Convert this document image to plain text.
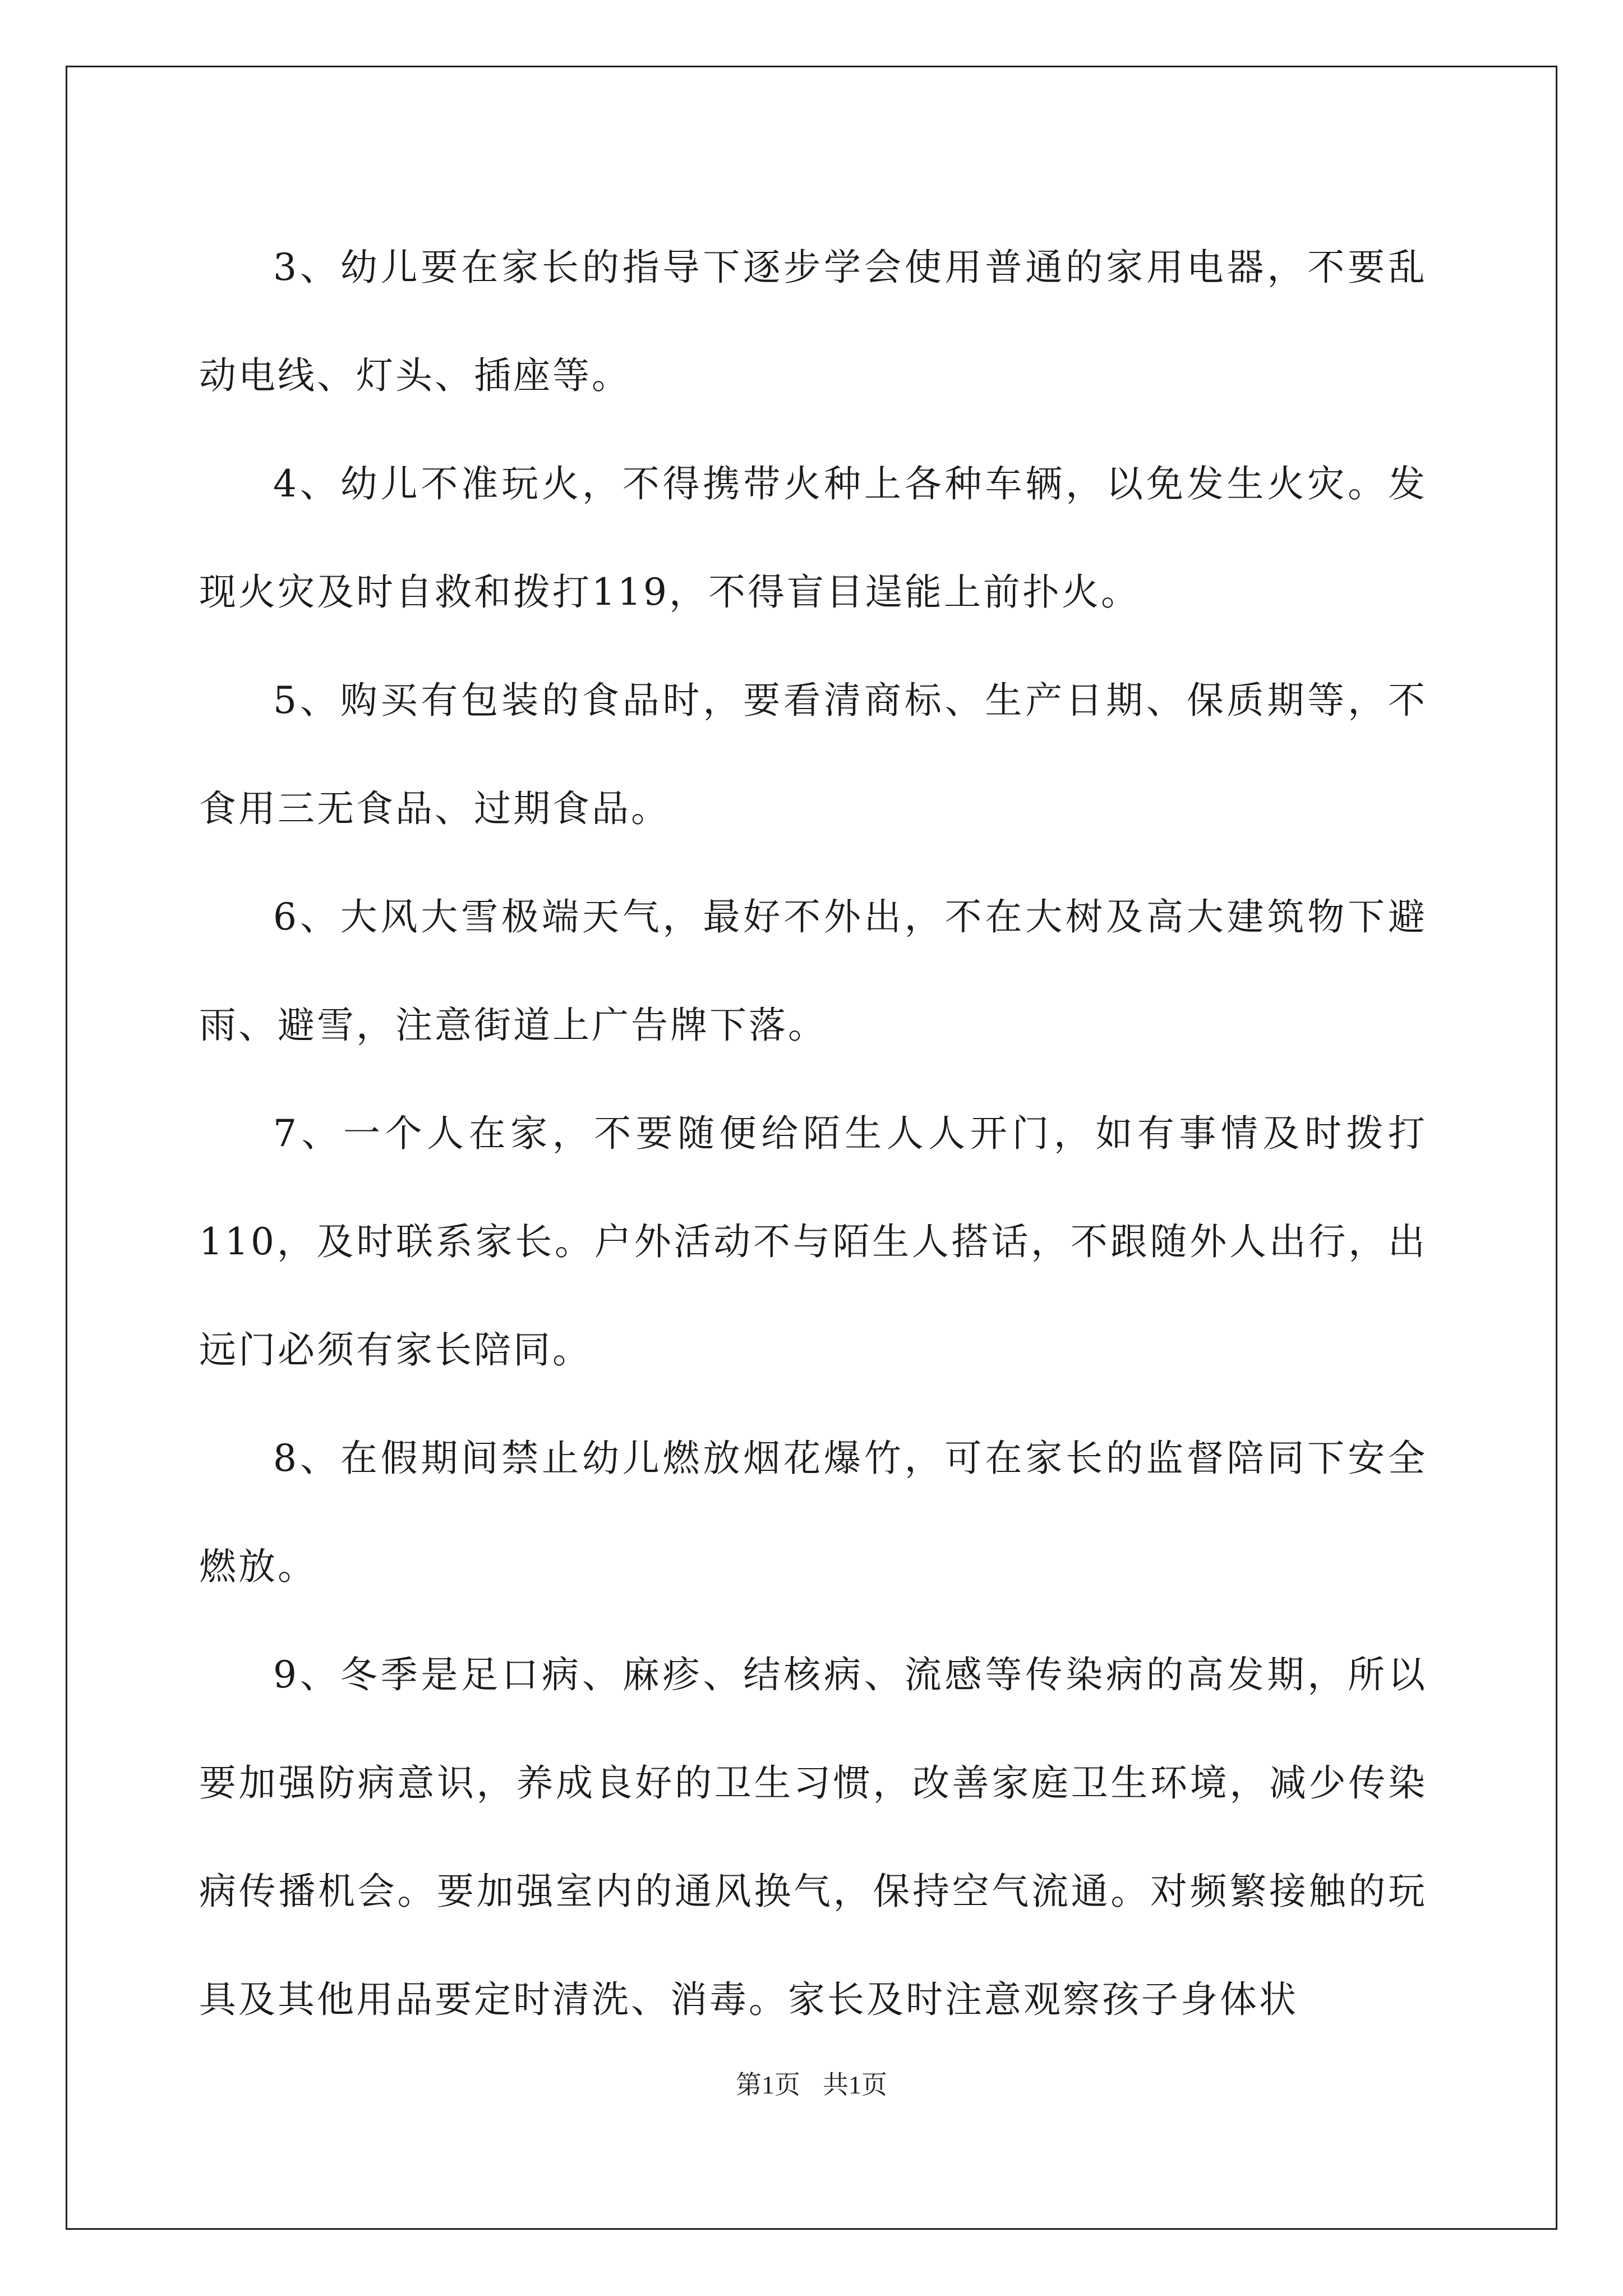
3、幼儿要在家长的指导下逐步学会使用普通的家用电器，不要乱动电线、灯头、插座等。

4、幼儿不准玩火，不得携带火种上各种车辆，以免发生火灾。发现火灾及时自救和拨打119，不得盲目逞能上前扑火。

5、购买有包装的食品时，要看清商标、生产日期、保质期等，不食用三无食品、过期食品。

6、大风大雪极端天气，最好不外出，不在大树及高大建筑物下避雨、避雪，注意街道上广告牌下落。

7、一个人在家，不要随便给陌生人人开门，如有事情及时拨打110，及时联系家长。户外活动不与陌生人搭话，不跟随外人出行，出远门必须有家长陪同。

8、在假期间禁止幼儿燃放烟花爆竹，可在家长的监督陪同下安全燃放。

9、冬季是足口病、麻疹、结核病、流感等传染病的高发期，所以要加强防病意识，养成良好的卫生习惯，改善家庭卫生环境，减少传染病传播机会。要加强室内的通风换气，保持空气流通。对频繁接触的玩具及其他用品要定时清洗、消毒。家长及时注意观察孩子身体状

第1页 共1页
